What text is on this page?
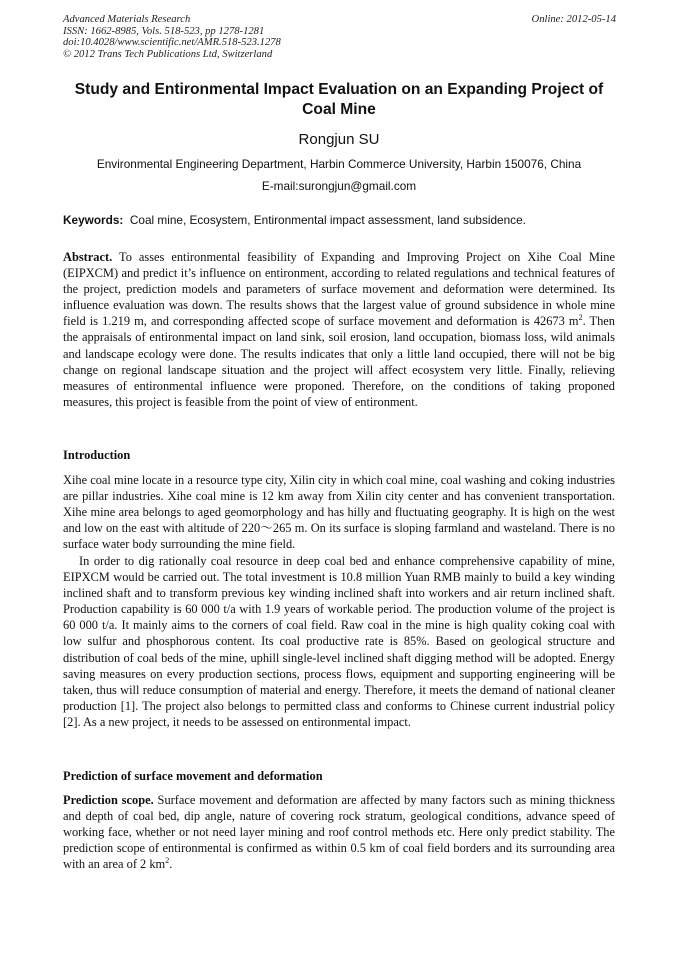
Advanced Materials Research
ISSN: 1662-8985, Vols. 518-523, pp 1278-1281
doi:10.4028/www.scientific.net/AMR.518-523.1278
© 2012 Trans Tech Publications Ltd, Switzerland
Online: 2012-05-14
Study and Entironmental Impact Evaluation on an Expanding Project of Coal Mine
Rongjun SU
Environmental Engineering Department, Harbin Commerce University, Harbin 150076, China
E-mail:surongjun@gmail.com
Keywords: Coal mine, Ecosystem, Entironmental impact assessment, land subsidence.
Abstract. To asses entironmental feasibility of Expanding and Improving Project on Xihe Coal Mine (EIPXCM) and predict it’s influence on entironment, according to related regulations and technical features of the project, prediction models and parameters of surface movement and deformation were determined. Its influence evaluation was down. The results shows that the largest value of ground subsidence in whole mine field is 1.219 m, and corresponding affected scope of surface movement and deformation is 42673 $m^2$. Then the appraisals of entironmental impact on land sink, soil erosion, land occupation, biomass loss, wild animals and landscape ecology were done. The results indicates that only a little land occupied, there will not be big change on regional landscape situation and the project will affect ecosystem very little. Finally, relieving measures of entironmental influence were proponed. Therefore, on the conditions of taking proponed measures, this project is feasible from the point of view of entironment.
Introduction
Xihe coal mine locate in a resource type city, Xilin city in which coal mine, coal washing and coking industries are pillar industries. Xihe coal mine is 12 km away from Xilin city center and has convenient transportation. Xihe mine area belongs to aged geomorphology and has hilly and fluctuating geography. It is high on the west and low on the east with altitude of 220～265 m. On its surface is sloping farmland and wasteland. There is no surface water body surrounding the mine field.
In order to dig rationally coal resource in deep coal bed and enhance comprehensive capability of mine, EIPXCM would be carried out. The total investment is 10.8 million Yuan RMB mainly to build a key winding inclined shaft and to transform previous key winding inclined shaft into workers and air return inclined shaft. Production capability is 60 000 t/a with 1.9 years of workable period. The production volume of the project is 60 000 t/a. It mainly aims to the corners of coal field. Raw coal in the mine is high quality coking coal with low sulfur and phosphorous content. Its coal productive rate is 85%. Based on geological structure and distribution of coal beds of the mine, uphill single-level inclined shaft digging method will be adopted. Energy saving measures on every production sections, process flows, equipment and supporting engineering will be taken, thus will reduce consumption of material and energy. Therefore, it meets the demand of national cleaner production [1]. The project also belongs to permitted class and conforms to Chinese current industrial policy [2]. As a new project, it needs to be assessed on entironmental impact.
Prediction of surface movement and deformation
Prediction scope. Surface movement and deformation are affected by many factors such as mining thickness and depth of coal bed, dip angle, nature of covering rock stratum, geological conditions, advance speed of working face, whether or not need layer mining and roof control methods etc. Here only predict stability. The prediction scope of entironmental is confirmed as within 0.5 km of coal field borders and its surrounding area with an area of 2 $km^2$.
